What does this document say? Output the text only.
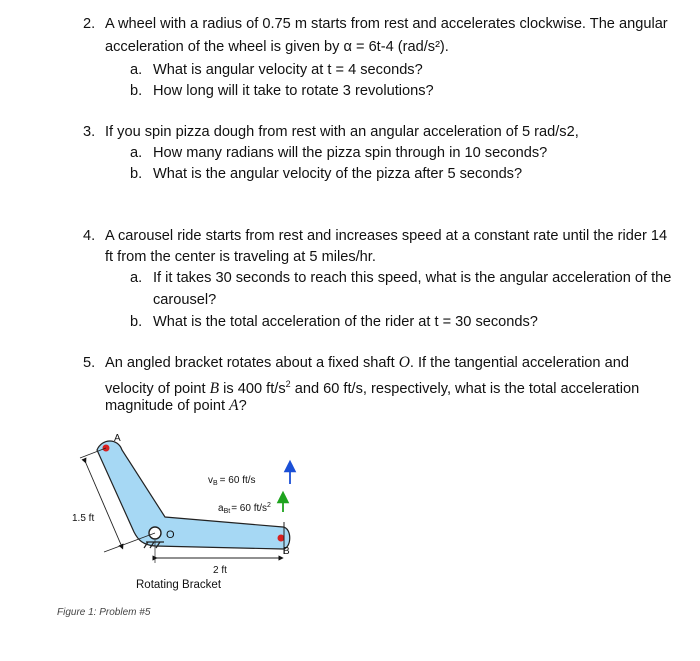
2. A wheel with a radius of 0.75 m starts from rest and accelerates clockwise. The angular
acceleration of the wheel is given by α = 6t-4 (rad/s²).
a. What is angular velocity at t = 4 seconds?
b. How long will it take to rotate 3 revolutions?
3. If you spin pizza dough from rest with an angular acceleration of 5 rad/s2,
a. How many radians will the pizza spin through in 10 seconds?
b. What is the angular velocity of the pizza after 5 seconds?
4. A carousel ride starts from rest and increases speed at a constant rate until the rider 14
ft from the center is traveling at 5 miles/hr.
a. If it takes 30 seconds to reach this speed, what is the angular acceleration of the
carousel?
b. What is the total acceleration of the rider at t = 30 seconds?
5. An angled bracket rotates about a fixed shaft O. If the tangential acceleration and
velocity of point B is 400 $ft/s^2$ and 60 ft/s, respectively, what is the total acceleration
magnitude of point A?
O
A
B
$v_B = 60$ ft/s
$a_{Bt}= 60$ $ft/s^2$
1.5 ft
2 ft
Rotating Bracket
Figure 1: Problem #5
